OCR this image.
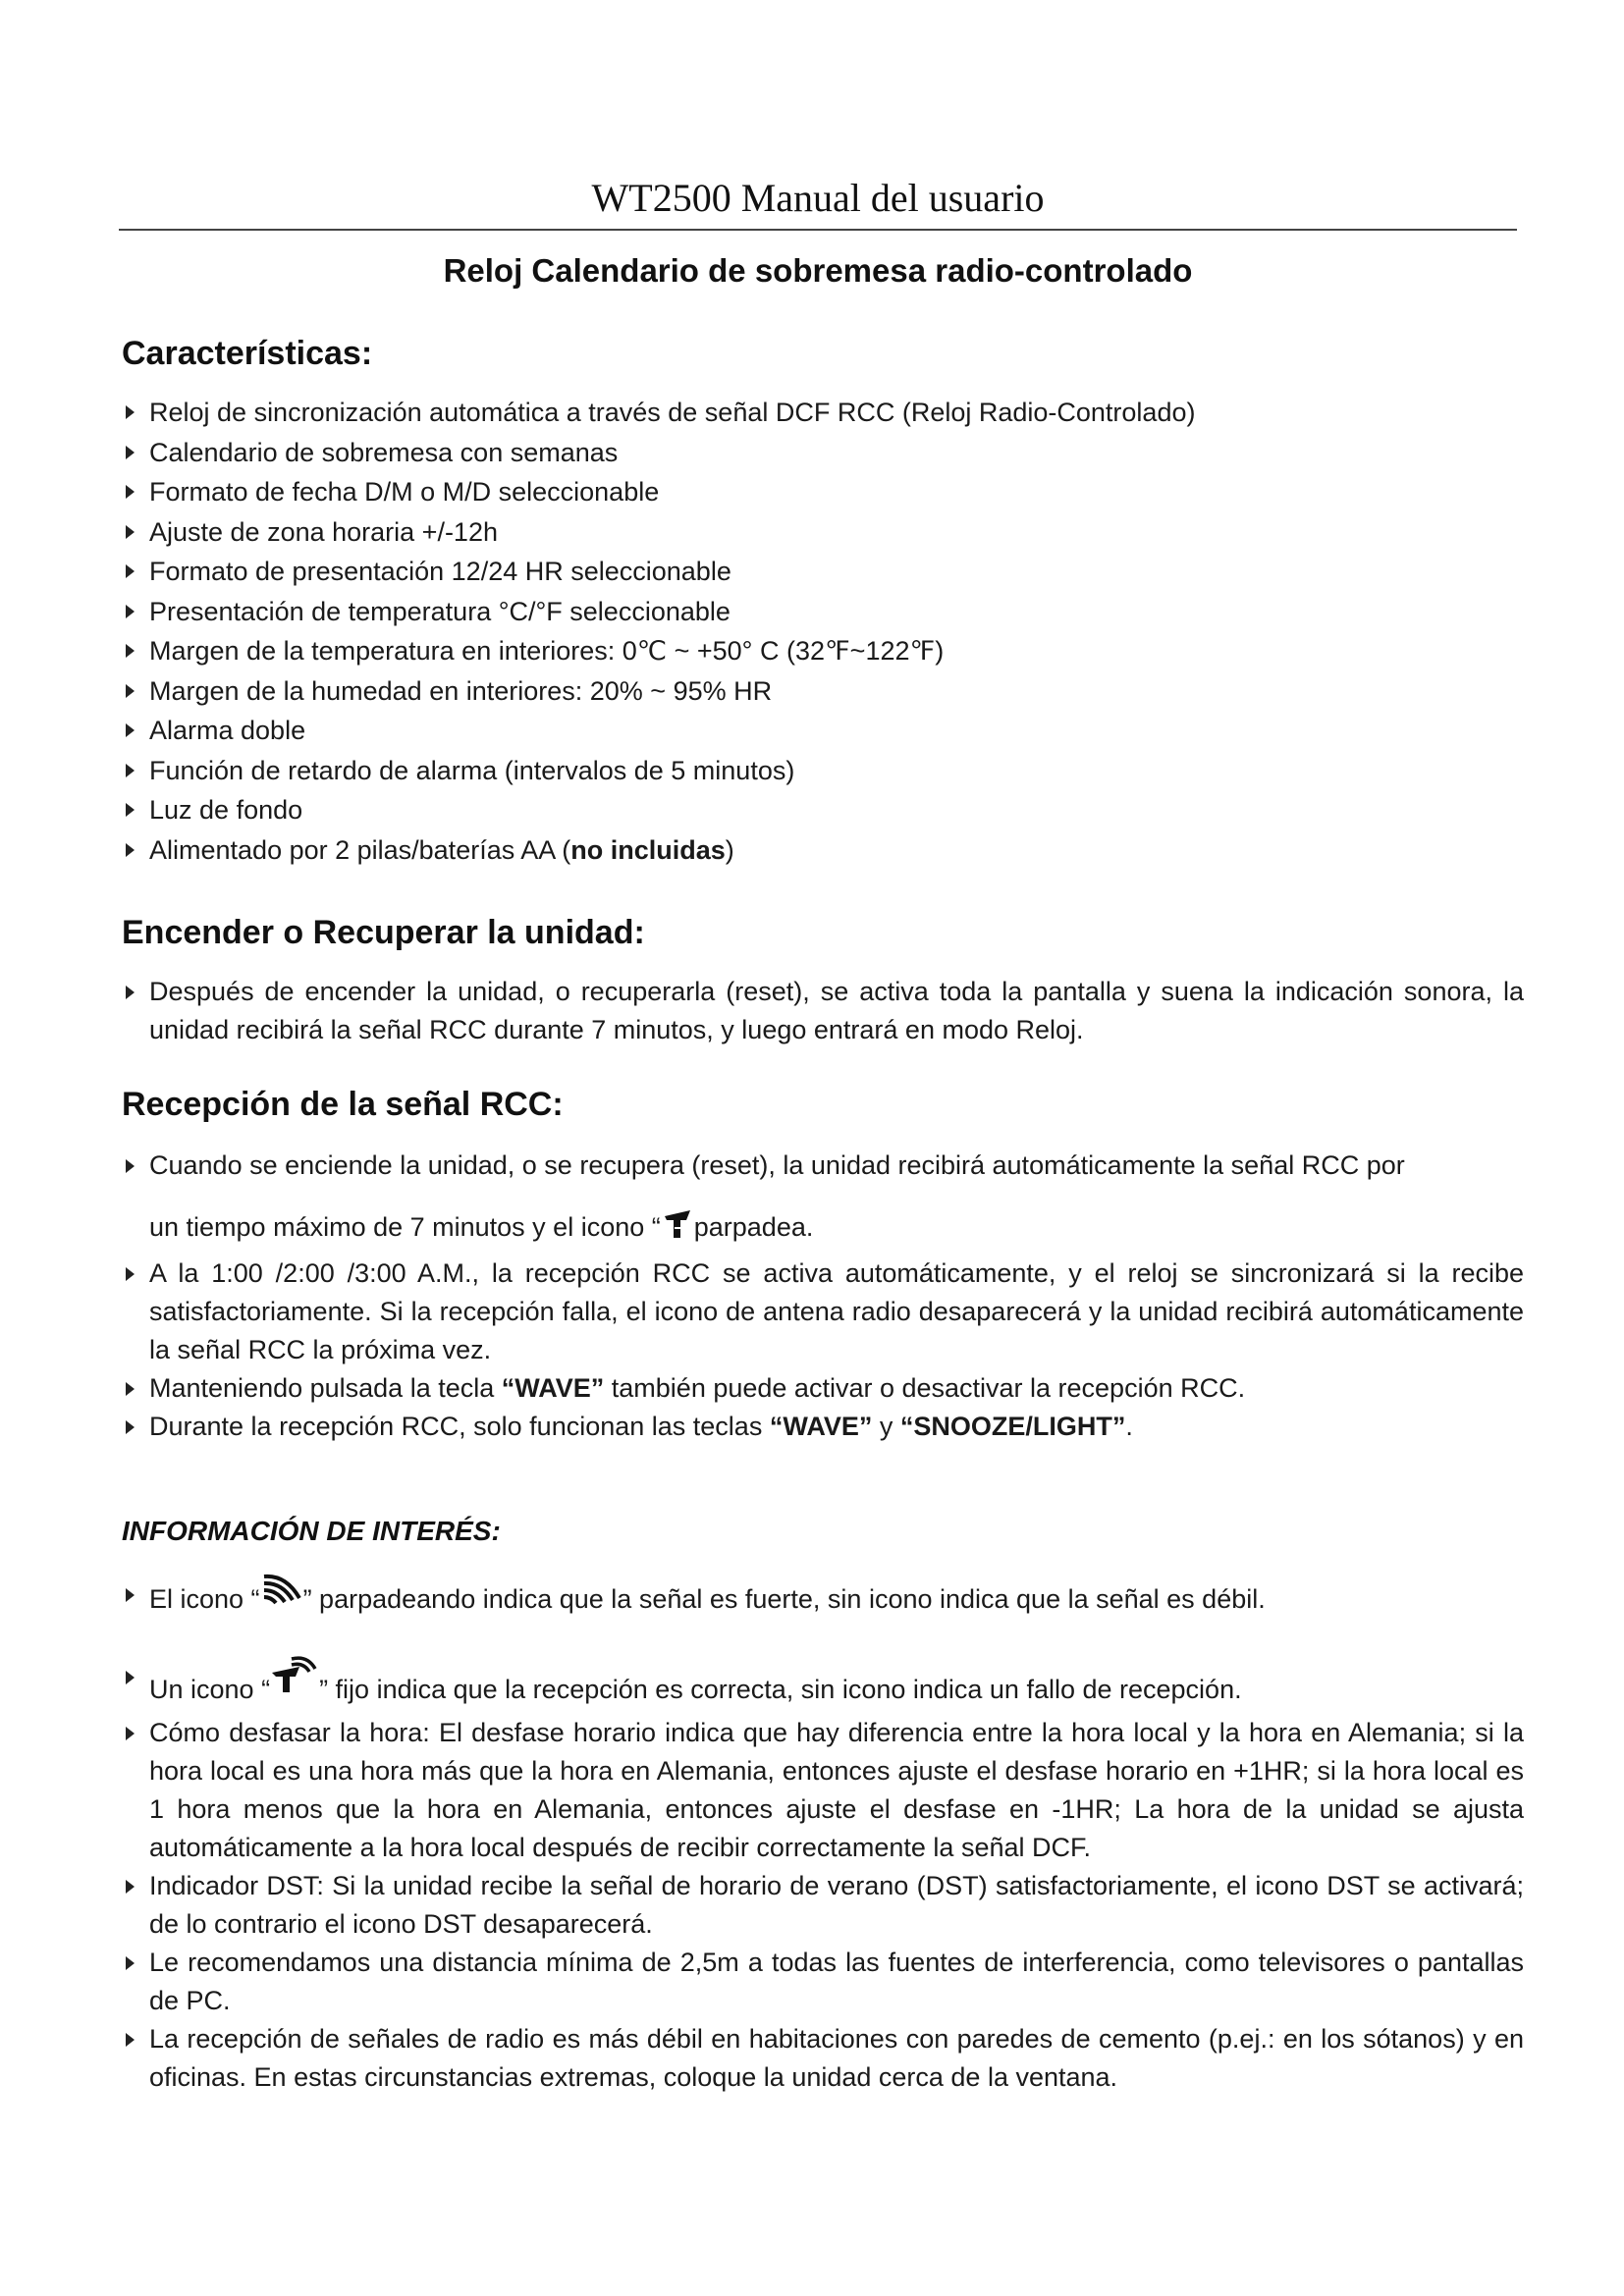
WT2500 Manual del usuario
Reloj Calendario de sobremesa radio-controlado
Características:
Reloj de sincronización automática a través de señal DCF RCC (Reloj Radio-Controlado)
Calendario de sobremesa con semanas
Formato de fecha D/M o M/D seleccionable
Ajuste de zona horaria +/-12h
Formato de presentación 12/24 HR seleccionable
Presentación de temperatura °C/°F seleccionable
Margen de la temperatura en interiores: 0℃ ~ +50° C (32℉~122℉)
Margen de la humedad en interiores: 20% ~ 95% HR
Alarma doble
Función de retardo de alarma (intervalos de 5 minutos)
Luz de fondo
Alimentado por 2 pilas/baterías AA (no incluidas)
Encender o Recuperar la unidad:
Después de encender la unidad, o recuperarla (reset), se activa toda la pantalla y suena la indicación sonora, la unidad recibirá la señal RCC durante 7 minutos, y luego entrará en modo Reloj.
Recepción de la señal RCC:
Cuando se enciende la unidad, o se recupera (reset), la unidad recibirá automáticamente la señal RCC por
un tiempo máximo de 7 minutos y el icono “ parpadea.
A la 1:00 /2:00 /3:00 A.M., la recepción RCC se activa automáticamente, y el reloj se sincronizará si la recibe satisfactoriamente. Si la recepción falla, el icono de antena radio desaparecerá y la unidad recibirá automáticamente la señal RCC la próxima vez.
Manteniendo pulsada la tecla “WAVE” también puede activar o desactivar la recepción RCC.
Durante la recepción RCC, solo funcionan las teclas “WAVE” y “SNOOZE/LIGHT”.
INFORMACIÓN DE INTERÉS:
El icono “ ” parpadeando indica que la señal es fuerte, sin icono indica que la señal es débil.
Un icono “ ” fijo indica que la recepción es correcta, sin icono indica un fallo de recepción.
Cómo desfasar la hora: El desfase horario indica que hay diferencia entre la hora local y la hora en Alemania; si la hora local es una hora más que la hora en Alemania, entonces ajuste el desfase horario en +1HR; si la hora local es 1 hora menos que la hora en Alemania, entonces ajuste el desfase en -1HR; La hora de la unidad se ajusta automáticamente a la hora local después de recibir correctamente la señal DCF.
Indicador DST: Si la unidad recibe la señal de horario de verano (DST) satisfactoriamente, el icono DST se activará; de lo contrario el icono DST desaparecerá.
Le recomendamos una distancia mínima de 2,5m a todas las fuentes de interferencia, como televisores o pantallas de PC.
La recepción de señales de radio es más débil en habitaciones con paredes de cemento (p.ej.: en los sótanos) y en oficinas. En estas circunstancias extremas, coloque la unidad cerca de la ventana.
